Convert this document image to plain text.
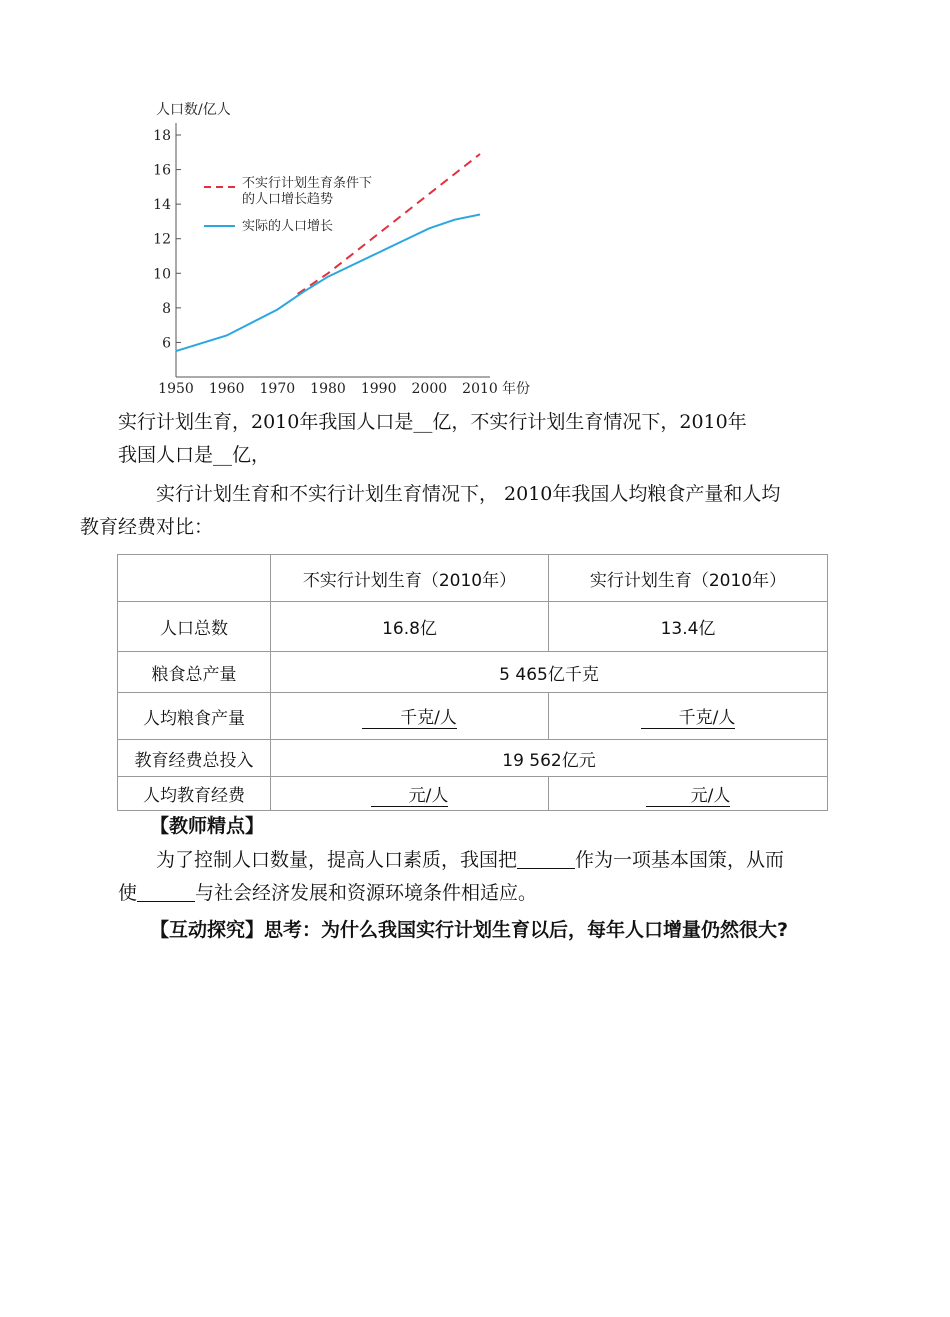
人口数/亿人
6
8
10
12
14
16
18
1950 1960 1970 1980 1990 2000 2010 年份
不实行计划生育条件下
的人口增长趋势
实际的人口增长

实行计划生育，2010年我国人口是__亿，不实行计划生育情况下，2010年
我国人口是__亿，

实行计划生育和不实行计划生育情况下， 2010年我国人均粮食产量和人均
教育经费对比：

	不实行计划生育（2010年）	实行计划生育（2010年）
人口总数	16.8亿	13.4亿
粮食总产量	5 465亿千克	
人均粮食产量	千克/人	千克/人
教育经费总投入	19 562亿元	
人均教育经费	元/人	元/人
【教师精点】

为了控制人口数量，提高人口素质，我国把	作为一项基本国策，从而
使	与社会经济发展和资源环境条件相适应。

【互动探究】思考：为什么我国实行计划生育以后，每年人口增量仍然很大?
